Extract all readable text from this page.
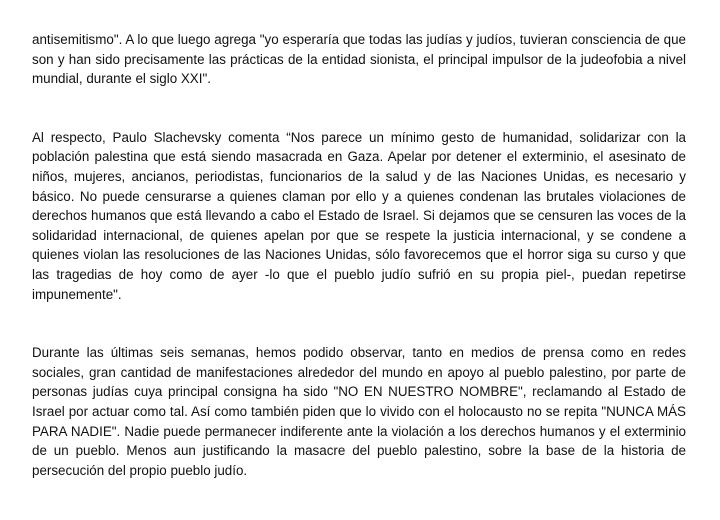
antisemitismo". A lo que luego agrega "yo esperaría que todas las judías y judíos, tuvieran consciencia de que son y han sido precisamente las prácticas de la entidad sionista, el principal impulsor de la judeofobia a nivel mundial, durante el siglo XXI".

Al respecto, Paulo Slachevsky comenta “Nos parece un mínimo gesto de humanidad, solidarizar con la población palestina que está siendo masacrada en Gaza. Apelar por detener el exterminio, el asesinato de niños, mujeres, ancianos, periodistas, funcionarios de la salud y de las Naciones Unidas, es necesario y básico. No puede censurarse a quienes claman por ello y a quienes condenan las brutales violaciones de derechos humanos que está llevando a cabo el Estado de Israel. Si dejamos que se censuren las voces de la solidaridad internacional, de quienes apelan por que se respete la justicia internacional, y se condene a quienes violan las resoluciones de las Naciones Unidas, sólo favorecemos que el horror siga su curso y que las tragedias de hoy como de ayer -lo que el pueblo judío sufrió en su propia piel-, puedan repetirse impunemente".

Durante las últimas seis semanas, hemos podido observar, tanto en medios de prensa como en redes sociales, gran cantidad de manifestaciones alrededor del mundo en apoyo al pueblo palestino, por parte de personas judías cuya principal consigna ha sido "NO EN NUESTRO NOMBRE", reclamando al Estado de Israel por actuar como tal. Así como también piden que lo vivido con el holocausto no se repita "NUNCA MÁS PARA NADIE". Nadie puede permanecer indiferente ante la violación a los derechos humanos y el exterminio de un pueblo. Menos aun justificando la masacre del pueblo palestino, sobre la base de la historia de persecución del propio pueblo judío.
